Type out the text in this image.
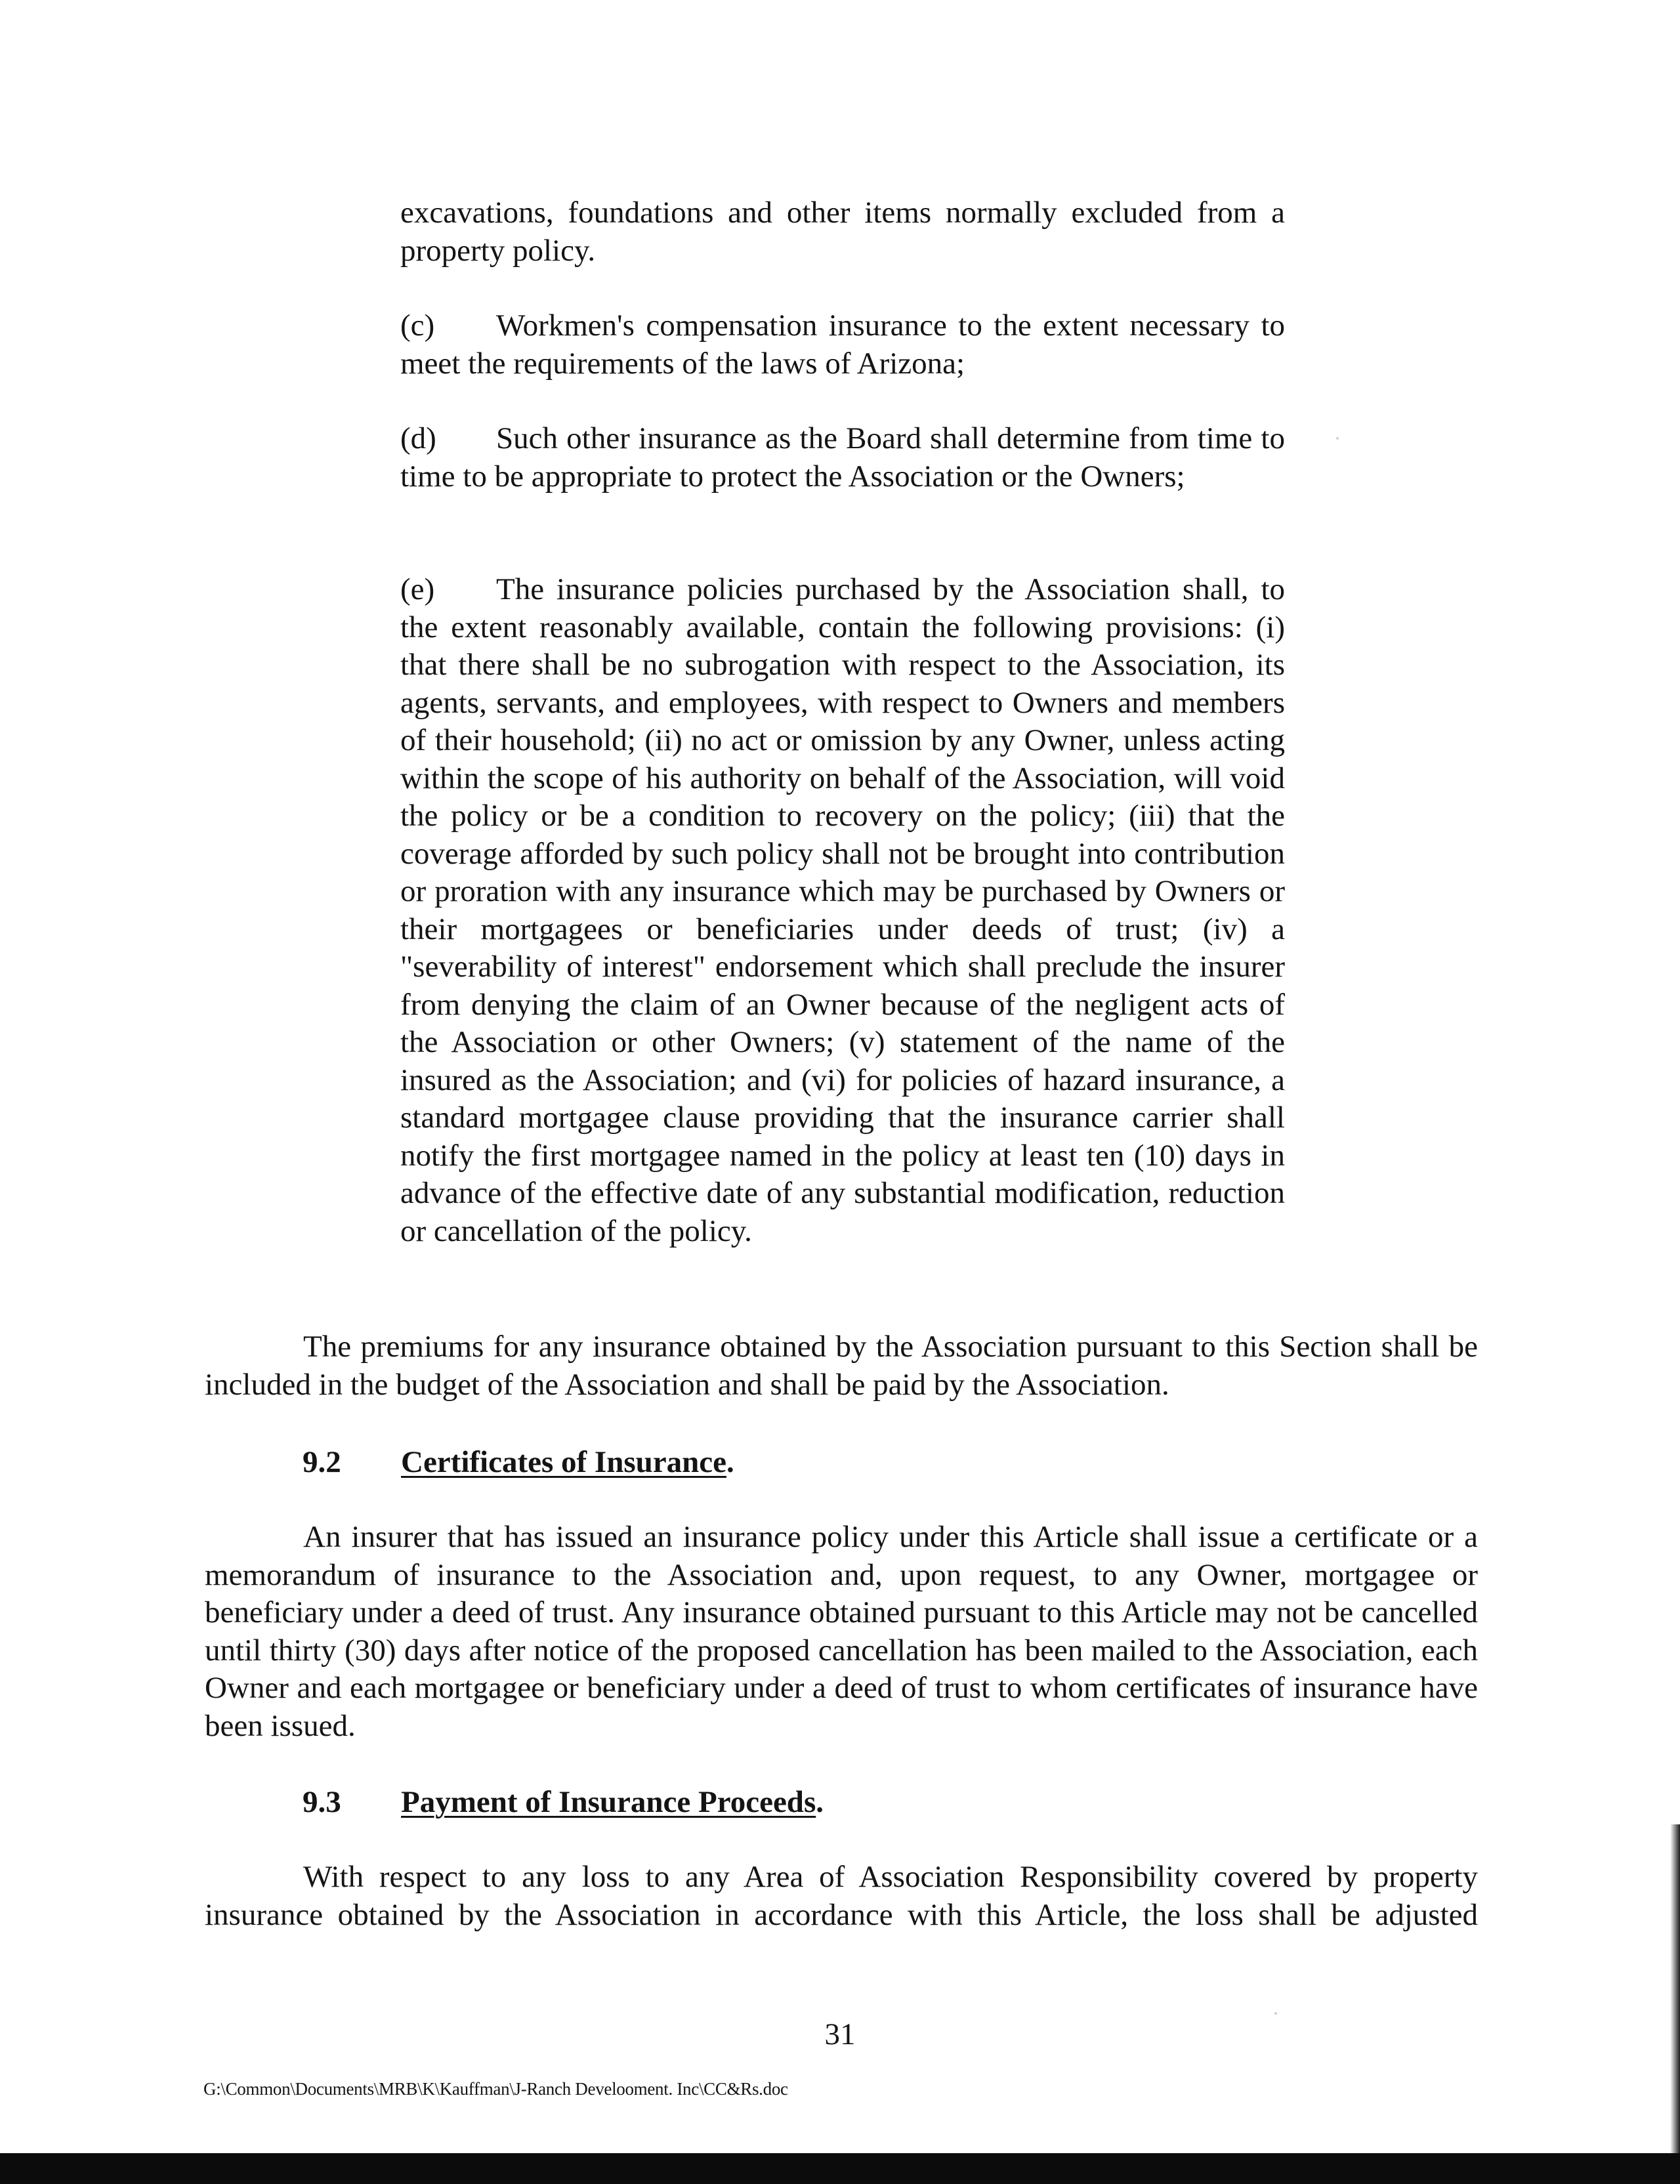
excavations, foundations and other items normally excluded from a property policy.
(c) Workmen's compensation insurance to the extent necessary to meet the requirements of the laws of Arizona;
(d) Such other insurance as the Board shall determine from time to time to be appropriate to protect the Association or the Owners;
(e) The insurance policies purchased by the Association shall, to the extent reasonably available, contain the following provisions: (i) that there shall be no subrogation with respect to the Association, its agents, servants, and employees, with respect to Owners and members of their household; (ii) no act or omission by any Owner, unless acting within the scope of his authority on behalf of the Association, will void the policy or be a condition to recovery on the policy; (iii) that the coverage afforded by such policy shall not be brought into contribution or proration with any insurance which may be purchased by Owners or their mortgagees or beneficiaries under deeds of trust; (iv) a "severability of interest" endorsement which shall preclude the insurer from denying the claim of an Owner because of the negligent acts of the Association or other Owners; (v) statement of the name of the insured as the Association; and (vi) for policies of hazard insurance, a standard mortgagee clause providing that the insurance carrier shall notify the first mortgagee named in the policy at least ten (10) days in advance of the effective date of any substantial modification, reduction or cancellation of the policy.
The premiums for any insurance obtained by the Association pursuant to this Section shall be included in the budget of the Association and shall be paid by the Association.
9.2 Certificates of Insurance.
An insurer that has issued an insurance policy under this Article shall issue a certificate or a memorandum of insurance to the Association and, upon request, to any Owner, mortgagee or beneficiary under a deed of trust. Any insurance obtained pursuant to this Article may not be cancelled until thirty (30) days after notice of the proposed cancellation has been mailed to the Association, each Owner and each mortgagee or beneficiary under a deed of trust to whom certificates of insurance have been issued.
9.3 Payment of Insurance Proceeds.
With respect to any loss to any Area of Association Responsibility covered by property insurance obtained by the Association in accordance with this Article, the loss shall be adjusted
31
G:\Common\Documents\MRB\K\Kauffman\J-Ranch Develooment. Inc\CC&Rs.doc
